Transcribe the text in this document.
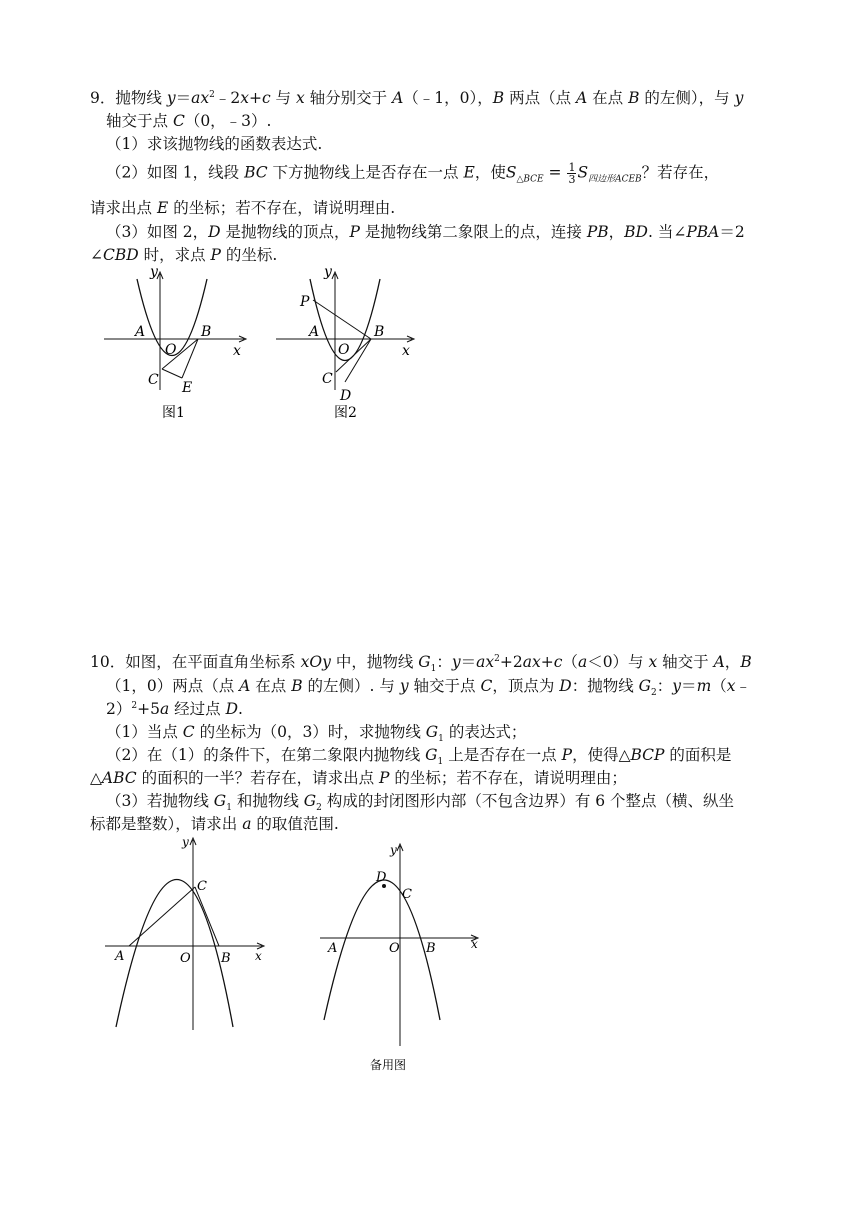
9．抛物线 $y=ax^2﹣2x+c$ 与 x 轴分别交于 A（﹣1，0），B 两点（点 A 在点 B 的左侧），与 y
轴交于点 C（0，﹣3）.
（1）求该抛物线的函数表达式.
（2）如图 1，线段 BC 下方抛物线上是否存在一点 E，使$S_{\triangle BCE} = \frac{1}{3} S_{四边形ACEB}$？若存在，
请求出点 E 的坐标；若不存在，请说明理由.
（3）如图 2，D 是抛物线的顶点，P 是抛物线第二象限上的点，连接 PB，BD. 当∠PBA＝2
∠CBD 时，求点 P 的坐标.
y
A
O
B
x
C E
图1
y
P
A
O
B
x
C
D
图2
10．如图，在平面直角坐标系 xOy 中，抛物线 $G_1$：$y=ax^2+2ax+c(a<0)$与 x 轴交于 A，B
（1，0）两点（点 A 在点 B 的左侧）. 与 y 轴交于点 C，顶点为 D：抛物线 $G_2$：y＝m（x﹣
2）$^2$+5a 经过点 D.
（1）当点 C 的坐标为（0，3）时，求抛物线 $G_1$ 的表达式；
（2）在（1）的条件下，在第二象限内抛物线 $G_1$ 上是否存在一点 P，使得△BCP 的面积是
△ABC 的面积的一半？若存在，请求出点 P 的坐标；若不存在，请说明理由；
（3）若抛物线 $G_1$ 和抛物线 $G_2$ 构成的封闭图形内部（不包含边界）有 6 个整点（横、纵坐
标都是整数），请求出 a 的取值范围.
y
C
A	O B x
y
D
C
A	O B	x
备用图
